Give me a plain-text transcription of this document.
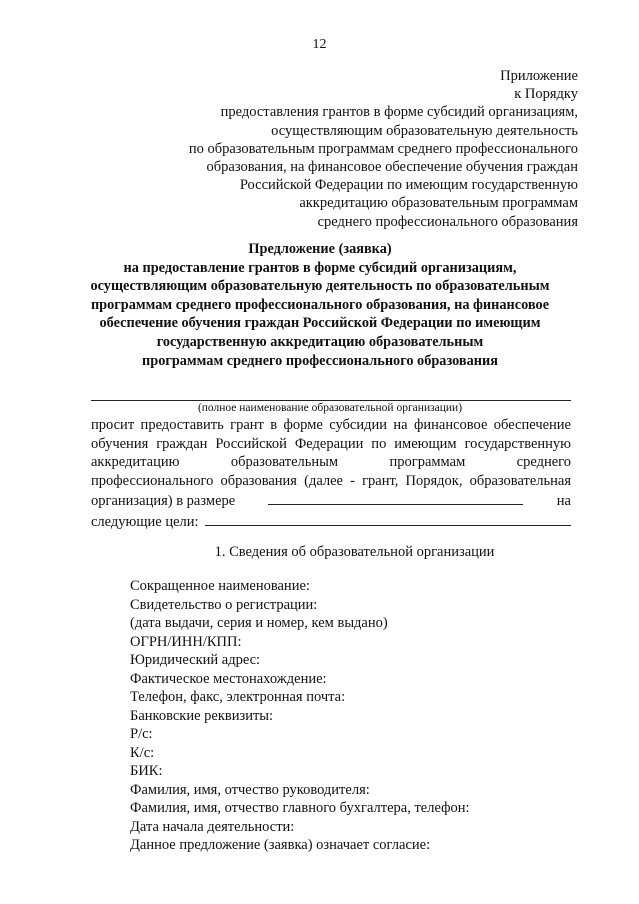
12
Приложение
к Порядку
предоставления грантов в форме субсидий организациям,
осуществляющим образовательную деятельность
по образовательным программам среднего профессионального
образования, на финансовое обеспечение обучения граждан
Российской Федерации по имеющим государственную
аккредитацию образовательным программам
среднего профессионального образования
Предложение (заявка)
на предоставление грантов в форме субсидий организациям,
осуществляющим образовательную деятельность по образовательным
программам среднего профессионального образования, на финансовое
обеспечение обучения граждан Российской Федерации по имеющим
государственную аккредитацию образовательным
программам среднего профессионального образования
(полное наименование образовательной организации)
просит предоставить грант в форме субсидии на финансовое обеспечение
обучения граждан Российской Федерации по имеющим государственную
аккредитацию	образовательным	программам	среднего
профессионального образования (далее - грант, Порядок, образовательная
организация) в размере	на
следующие цели:
1. Сведения об образовательной организации
Сокращенное наименование:
Свидетельство о регистрации:
(дата выдачи, серия и номер, кем выдано)
ОГРН/ИНН/КПП:
Юридический адрес:
Фактическое местонахождение:
Телефон, факс, электронная почта:
Банковские реквизиты:
Р/с:
К/с:
БИК:
Фамилия, имя, отчество руководителя:
Фамилия, имя, отчество главного бухгалтера, телефон:
Дата начала деятельности:
Данное предложение (заявка) означает согласие:
